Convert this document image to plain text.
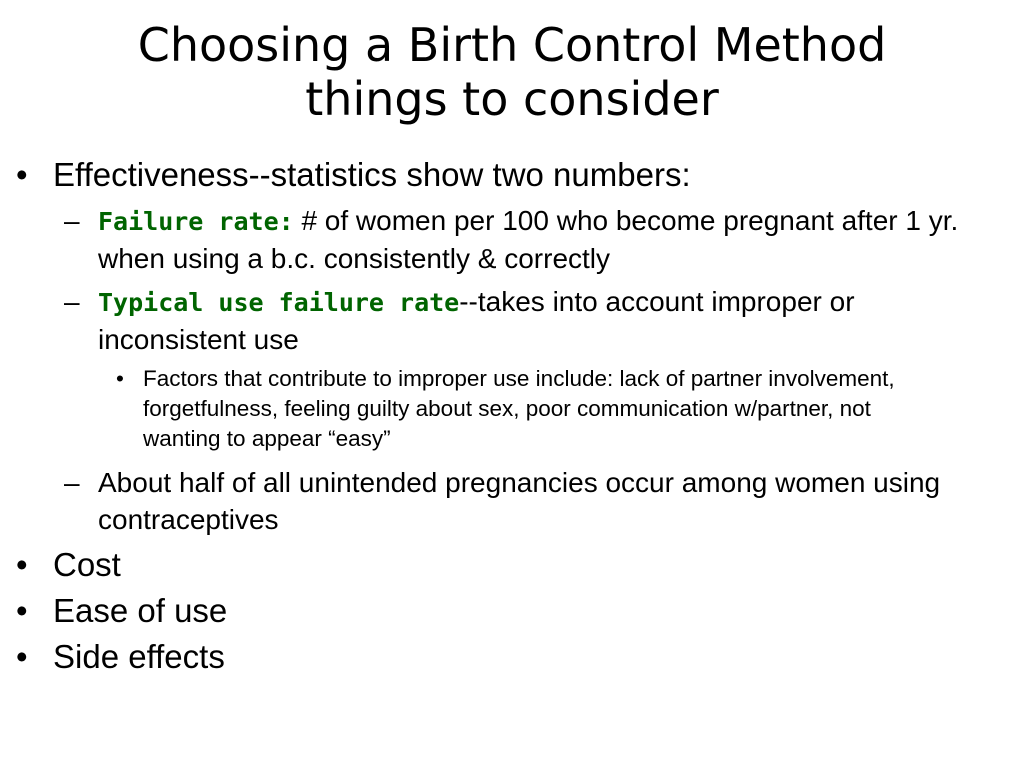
Choosing a Birth Control Method
things to consider
• Effectiveness--statistics show two numbers:
– Failure rate: # of women per 100 who become pregnant after 1 yr. when using a b.c. consistently & correctly
– Typical use failure rate--takes into account improper or inconsistent use
• Factors that contribute to improper use include: lack of partner involvement, forgetfulness, feeling guilty about sex, poor communication w/partner, not wanting to appear “easy”
– About half of all unintended pregnancies occur among women using contraceptives
• Cost
• Ease of use
• Side effects
